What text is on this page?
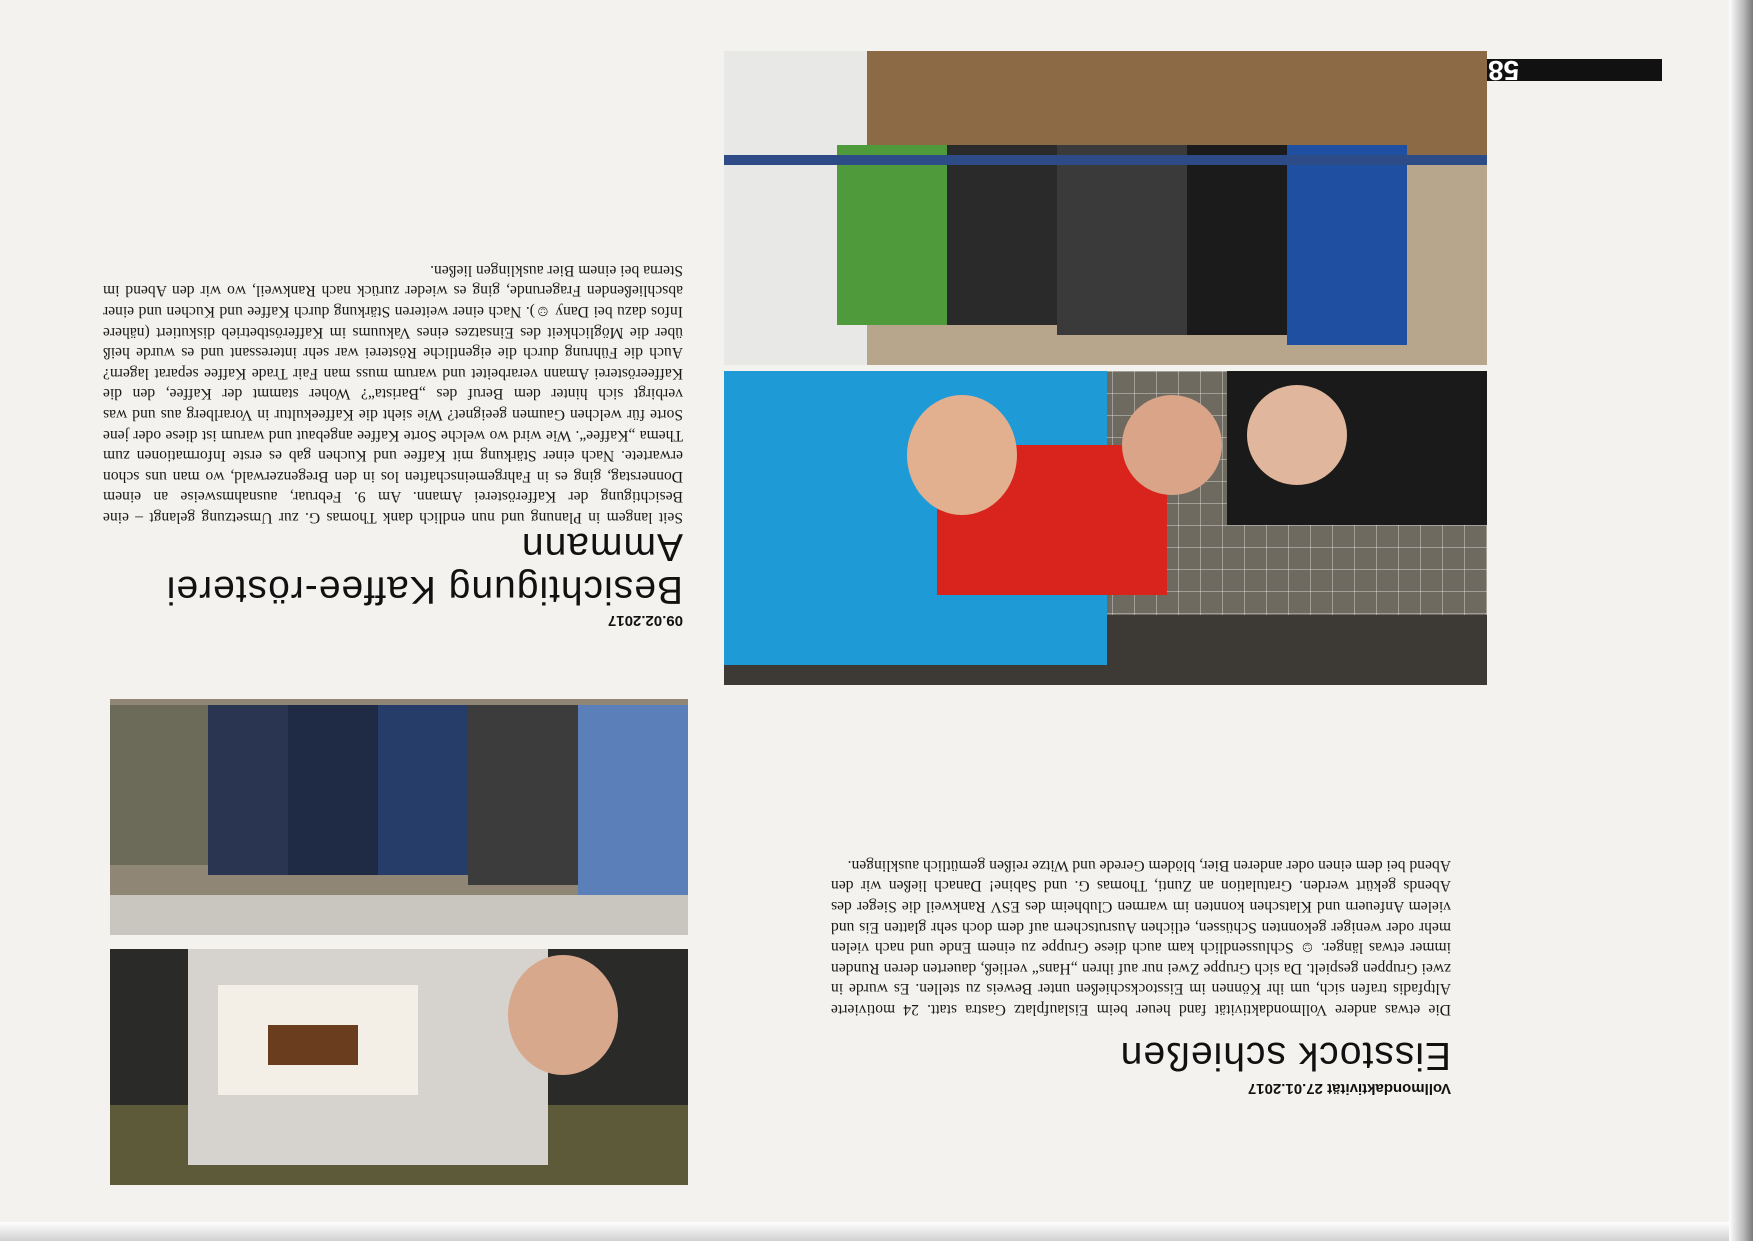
58
Vollmondaktivität 27.01.2017
Eisstock schießen
Die etwas andere Vollmondaktivität fand heuer beim Eislaufplatz Gastra statt. 24 motivierte Altpfadis trafen sich, um ihr Können im Eisstockschießen unter Beweis zu stellen. Es wurde in zwei Gruppen gespielt. Da sich Gruppe Zwei nur auf ihren „Hans“ verließ, dauerten deren Runden immer etwas länger. ☺ Schlussendlich kam auch diese Gruppe zu einem Ende und nach vielen mehr oder weniger gekonnten Schüssen, etlichen Ausrutschern auf dem doch sehr glatten Eis und vielem Anfeuern und Klatschen konnten im warmen Clubheim des ESV Rankweil die Sieger des Abends gekürt werden. Gratulation an Zunti, Thomas G. und Sabine! Danach ließen wir den Abend bei dem einen oder anderen Bier, blödem Gerede und Witze reißen gemütlich ausklingen.
09.02.2017
Besichtigung Kaffee-rösterei Ammann
Seit langem in Planung und nun endlich dank Thomas G. zur Umsetzung gelangt – eine Besichtigung der Kafferösterei Amann. Am 9. Februar, ausnahmsweise an einem Donnerstag, ging es in Fahrgemeinschaften los in den Bregenzerwald, wo man uns schon erwartete. Nach einer Stärkung mit Kaffee und Kuchen gab es erste Informationen zum Thema „Kaffee“. Wie wird wo welche Sorte Kaffee angebaut und warum ist diese oder jene Sorte für welchen Gaumen geeignet? Wie sieht die Kaffeekultur in Vorarlberg aus und was verbirgt sich hinter dem Beruf des „Baristа“? Woher stammt der Kaffee, den die Kaffeerösterei Amann verarbeitet und warum muss man Fair Trade Kaffee separat lagern? Auch die Führung durch die eigentliche Rösterei war sehr interessant und es wurde heiß über die Möglichkeit des Einsatzes eines Vakuums im Kafferöstbetrieb diskutiert (nähere Infos dazu bei Dany ☺). Nach einer weiteren Stärkung durch Kaffee und Kuchen und einer abschließenden Fragerunde, ging es wieder zurück nach Rankweil, wo wir den Abend im Sterna bei einem Bier ausklingen ließen.
